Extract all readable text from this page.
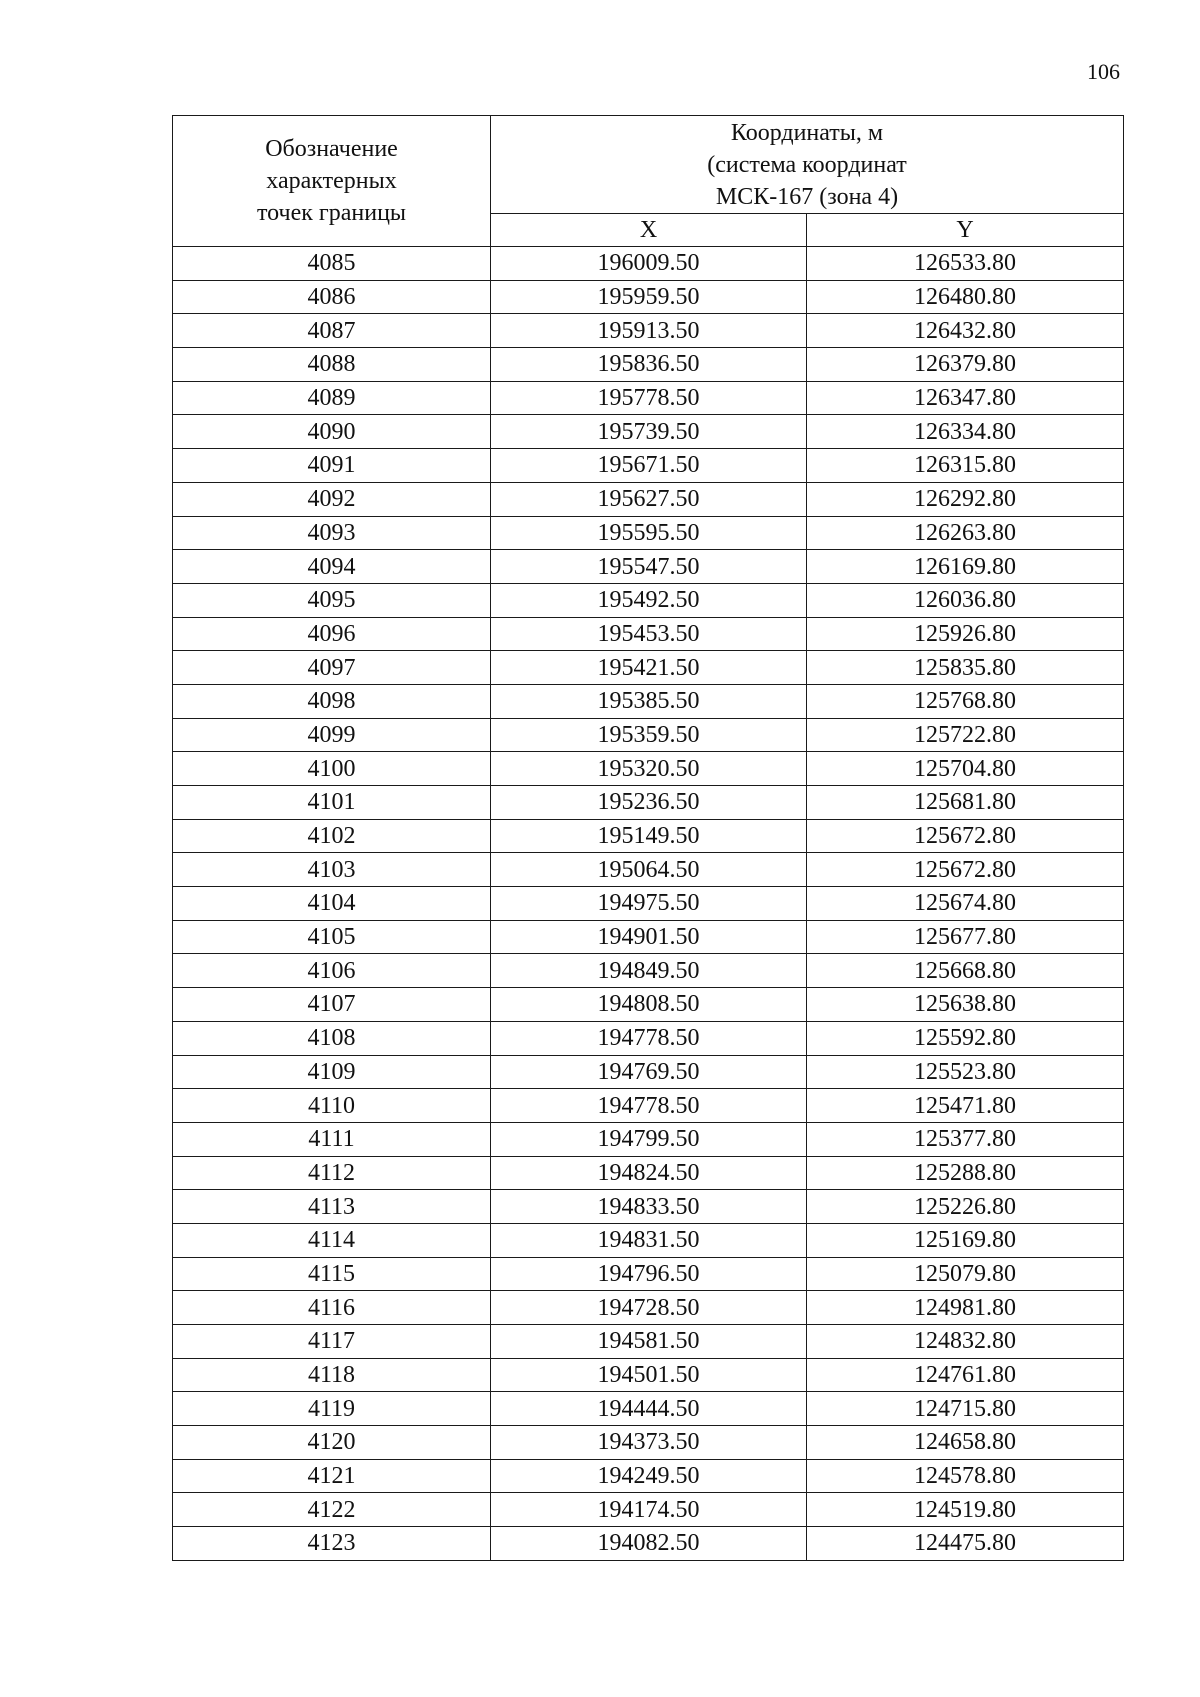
106
Обозначение
характерных
точек границы	Координаты, м
(система координат
МСК-167 (зона 4)	

	X	Y
4085	196009.50	126533.80
4086	195959.50	126480.80
4087	195913.50	126432.80
4088	195836.50	126379.80
4089	195778.50	126347.80
4090	195739.50	126334.80
4091	195671.50	126315.80
4092	195627.50	126292.80
4093	195595.50	126263.80
4094	195547.50	126169.80
4095	195492.50	126036.80
4096	195453.50	125926.80
4097	195421.50	125835.80
4098	195385.50	125768.80
4099	195359.50	125722.80
4100	195320.50	125704.80
4101	195236.50	125681.80
4102	195149.50	125672.80
4103	195064.50	125672.80
4104	194975.50	125674.80
4105	194901.50	125677.80
4106	194849.50	125668.80
4107	194808.50	125638.80
4108	194778.50	125592.80
4109	194769.50	125523.80
4110	194778.50	125471.80
4111	194799.50	125377.80
4112	194824.50	125288.80
4113	194833.50	125226.80
4114	194831.50	125169.80
4115	194796.50	125079.80
4116	194728.50	124981.80
4117	194581.50	124832.80
4118	194501.50	124761.80
4119	194444.50	124715.80
4120	194373.50	124658.80
4121	194249.50	124578.80
4122	194174.50	124519.80
4123	194082.50	124475.80
